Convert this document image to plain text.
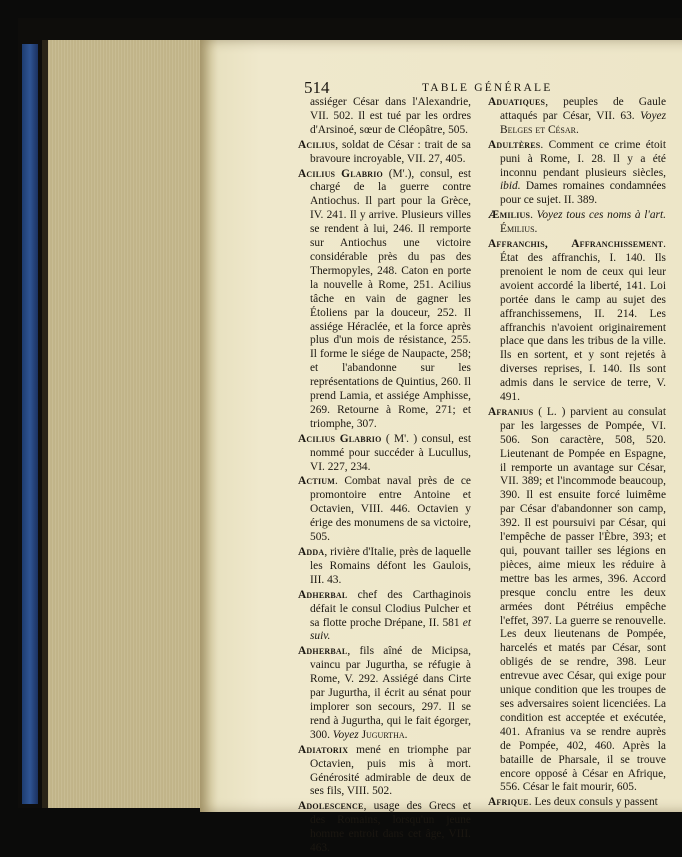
514	TABLE GÉNÉRALE
assiéger César dans l'Alexandrie, VII. 502. Il est tué par les ordres d'Arsinoé, sœur de Cléopâtre, 505.
Acilius, soldat de César : trait de sa bravoure incroyable, VII. 27, 405.
Acilius Glabrio (M'.), consul, est chargé de la guerre contre Antiochus. Il part pour la Grèce, IV. 241. Il y arrive. Plusieurs villes se rendent à lui, 246. Il remporte sur Antiochus une victoire considérable près du pas des Thermopyles, 248. Caton en porte la nouvelle à Rome, 251. Acilius tâche en vain de gagner les Étoliens par la douceur, 252. Il assiége Héraclée, et la force après plus d'un mois de résistance, 255. Il forme le siége de Naupacte, 258; et l'abandonne sur les représentations de Quintius, 260. Il prend Lamia, et assiége Amphisse, 269. Retourne à Rome, 271; et triomphe, 307.
Acilius Glabrio ( M'. ) consul, est nommé pour succéder à Lucullus, VI. 227, 234.
Actium. Combat naval près de ce promontoire entre Antoine et Octavien, VIII. 446. Octavien y érige des monumens de sa victoire, 505.
Adda, rivière d'Italie, près de laquelle les Romains défont les Gaulois, III. 43.
Adherbal chef des Carthaginois défait le consul Clodius Pulcher et sa flotte proche Drépane, II. 581 et suiv.
Adherbal, fils aîné de Micipsa, vaincu par Jugurtha, se réfugie à Rome, V. 292. Assiégé dans Cirte par Jugurtha, il écrit au sénat pour implorer son secours, 297. Il se rend à Jugurtha, qui le fait égorger, 300. Voyez Jugurtha.
Adiatorix mené en triomphe par Octavien, puis mis à mort. Générosité admirable de deux de ses fils, VIII. 502.
Adolescence, usage des Grecs et des Romains, lorsqu'un jeune homme entroit dans cet âge, VIII. 463.
Aduatiques, peuples de Gaule attaqués par César, VII. 63. Voyez Belges et César.
Adultères. Comment ce crime étoit puni à Rome, I. 28. Il y a été inconnu pendant plusieurs siècles, ibid. Dames romaines condamnées pour ce sujet. II. 389.
Æmilius. Voyez tous ces noms à l'art. Émilius.
Affranchis, Affranchissement. État des affranchis, I. 140. Ils prenoient le nom de ceux qui leur avoient accordé la liberté, 141. Loi portée dans le camp au sujet des affranchissemens, II. 214. Les affranchis n'avoient originairement place que dans les tribus de la ville. Ils en sortent, et y sont rejetés à diverses reprises, I. 140. Ils sont admis dans le service de terre, V. 491.
Afranius ( L. ) parvient au consulat par les largesses de Pompée, VI. 506. Son caractère, 508, 520. Lieutenant de Pompée en Espagne, il remporte un avantage sur César, VII. 389; et l'incommode beaucoup, 390. Il est ensuite forcé luimême par César d'abandonner son camp, 392. Il est poursuivi par César, qui l'empêche de passer l'Èbre, 393; et qui, pouvant tailler ses légions en pièces, aime mieux les réduire à mettre bas les armes, 396. Accord presque conclu entre les deux armées dont Pétréius empêche l'effet, 397. La guerre se renouvelle. Les deux lieutenans de Pompée, harcelés et matés par César, sont obligés de se rendre, 398. Leur entrevue avec César, qui exige pour unique condition que les troupes de ses adversaires soient licenciées. La condition est acceptée et exécutée, 401. Afranius va se rendre auprès de Pompée, 402, 460. Après la bataille de Pharsale, il se trouve encore opposé à César en Afrique, 556. César le fait mourir, 605.
Afrique. Les deux consuls y passent
